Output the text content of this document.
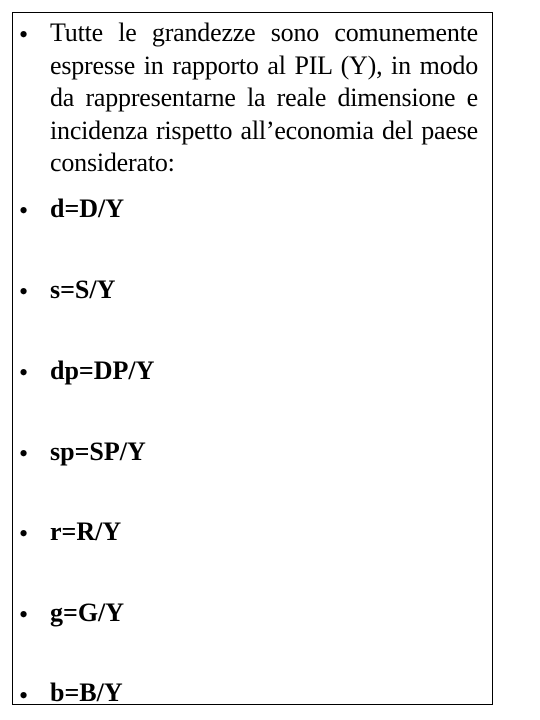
• Tutte le grandezze sono comunemente espresse in rapporto al PIL (Y), in modo da rappresentarne la reale dimensione e incidenza rispetto all’economia del paese considerato:
• d=D/Y
• s=S/Y
• dp=DP/Y
• sp=SP/Y
• r=R/Y
• g=G/Y
• b=B/Y
